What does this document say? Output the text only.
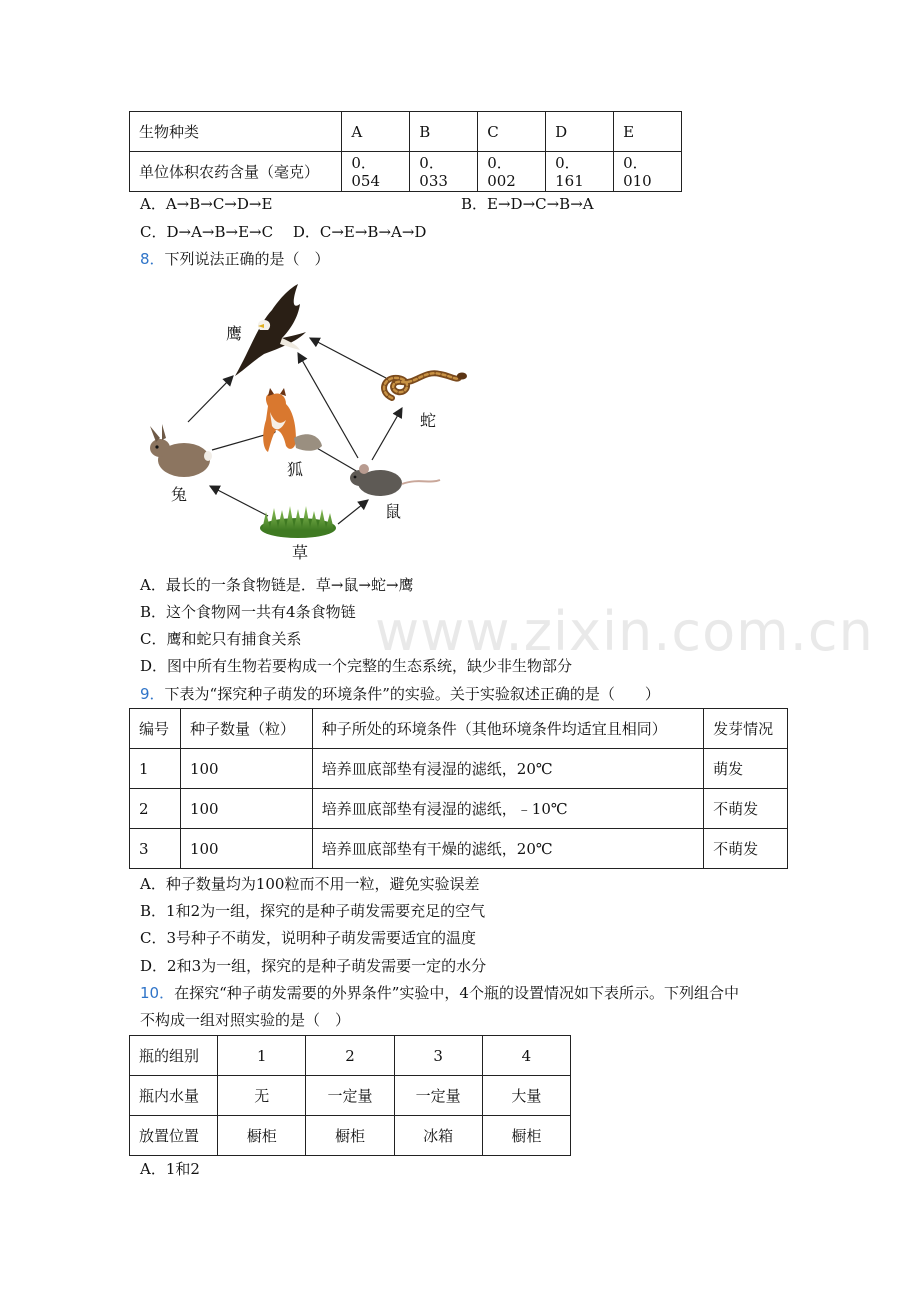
生物种类	A	B	C	D	E
单位体积农药含量（毫克）	0．054	0．033	0．002	0．161	0．010
A．A→B→C→D→E	B．E→D→C→B→A
C．D→A→B→E→C　 D．C→E→B→A→D
8．下列说法正确的是（　）
鹰
蛇
狐
兔
鼠
草
A．最长的一条食物链是．草→鼠→蛇→鹰
B．这个食物网一共有4条食物链
C．鹰和蛇只有捕食关系
D．图中所有生物若要构成一个完整的生态系统，缺少非生物部分
www.zixin.com.cn
9．下表为“探究种子萌发的环境条件”的实验。关于实验叙述正确的是（　　）
编号	种子数量（粒）	种子所处的环境条件（其他环境条件均适宜且相同）	发芽情况
1	100	培养皿底部垫有浸湿的滤纸，20℃	萌发
2	100	培养皿底部垫有浸湿的滤纸，﹣10℃	不萌发
3	100	培养皿底部垫有干燥的滤纸，20℃	不萌发
A．种子数量均为100粒而不用一粒，避免实验误差
B．1和2为一组，探究的是种子萌发需要充足的空气
C．3号种子不萌发，说明种子萌发需要适宜的温度
D．2和3为一组，探究的是种子萌发需要一定的水分
10．在探究“种子萌发需要的外界条件”实验中，4个瓶的设置情况如下表所示。下列组合中
不构成一组对照实验的是（　）
瓶的组别	1	2	3	4
瓶内水量	无	一定量	一定量	大量
放置位置	橱柜	橱柜	冰箱	橱柜
A．1和2
